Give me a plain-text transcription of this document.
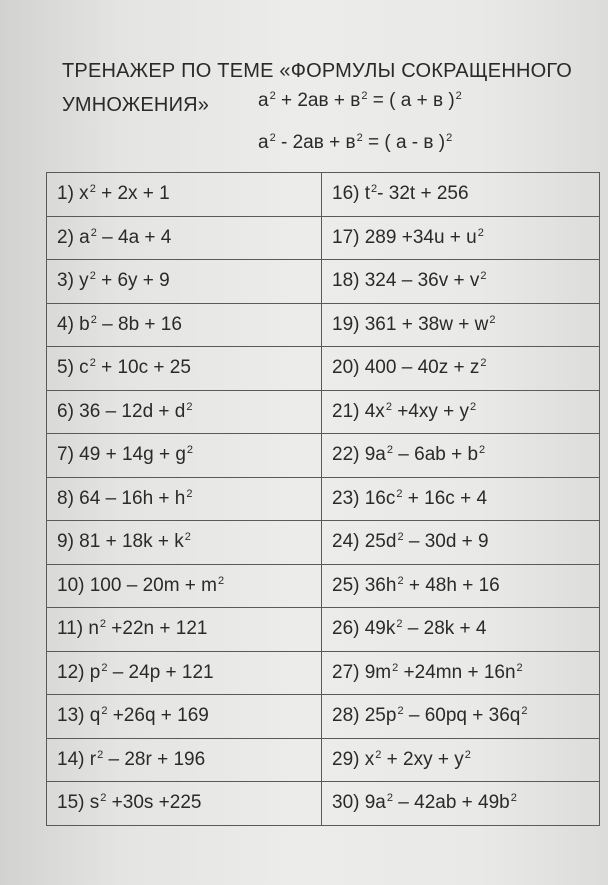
ТРЕНАЖЕР ПО ТЕМЕ «ФОРМУЛЫ СОКРАЩЕННОГО
УМНОЖЕНИЯ»	$a^2 + 2ав + в^2$ = ( а + в )$^2$
$a^2 - 2ав + в^2$ = ( а - в )$^2$
1) $x^2 + 2x + 1$	16) $t^2-$ 32t + 256
2) $a^2 - 4a + 4$	17) $289 +34u + u^2$
3) $y^2 + 6y + 9$	18) $324 - 36v + v^2$
4) $b^2 - 8b + 16$	19) $361 + 38w + w^2$
5) $c^2 + 10c + 25$	20) $400 - 40z + z^2$
6) $36 - 12d + d^2$	21) $4x^2 +4xy + y^2$
7) $49 + 14g + g^2$	22) $9a^2 - 6ab + b^2$
8) $64 - 16h + h^2$	23) $16c^2 + 16c + 4$
9) $81 + 18k + k^2$	24) $25d^2 - 30d + 9$
10) $100 - 20m + m^2$	25) $36h^2 + 48h + 16$
11) $n^2 +22n + 121$	26) $49k^2 - 28k + 4$
12) $p^2 - 24p + 121$	27) $9m^2 +24mn + 16n^2$
13) $q^2 +26q + 169$	28) $25p^2 - 60pq + 36q^2$
14) $r^2 - 28r + 196$	29) $x^2 + 2xy + y^2$
15) $s^2 +30s +225$	30) $9a^2 - 42ab + 49b^2$
